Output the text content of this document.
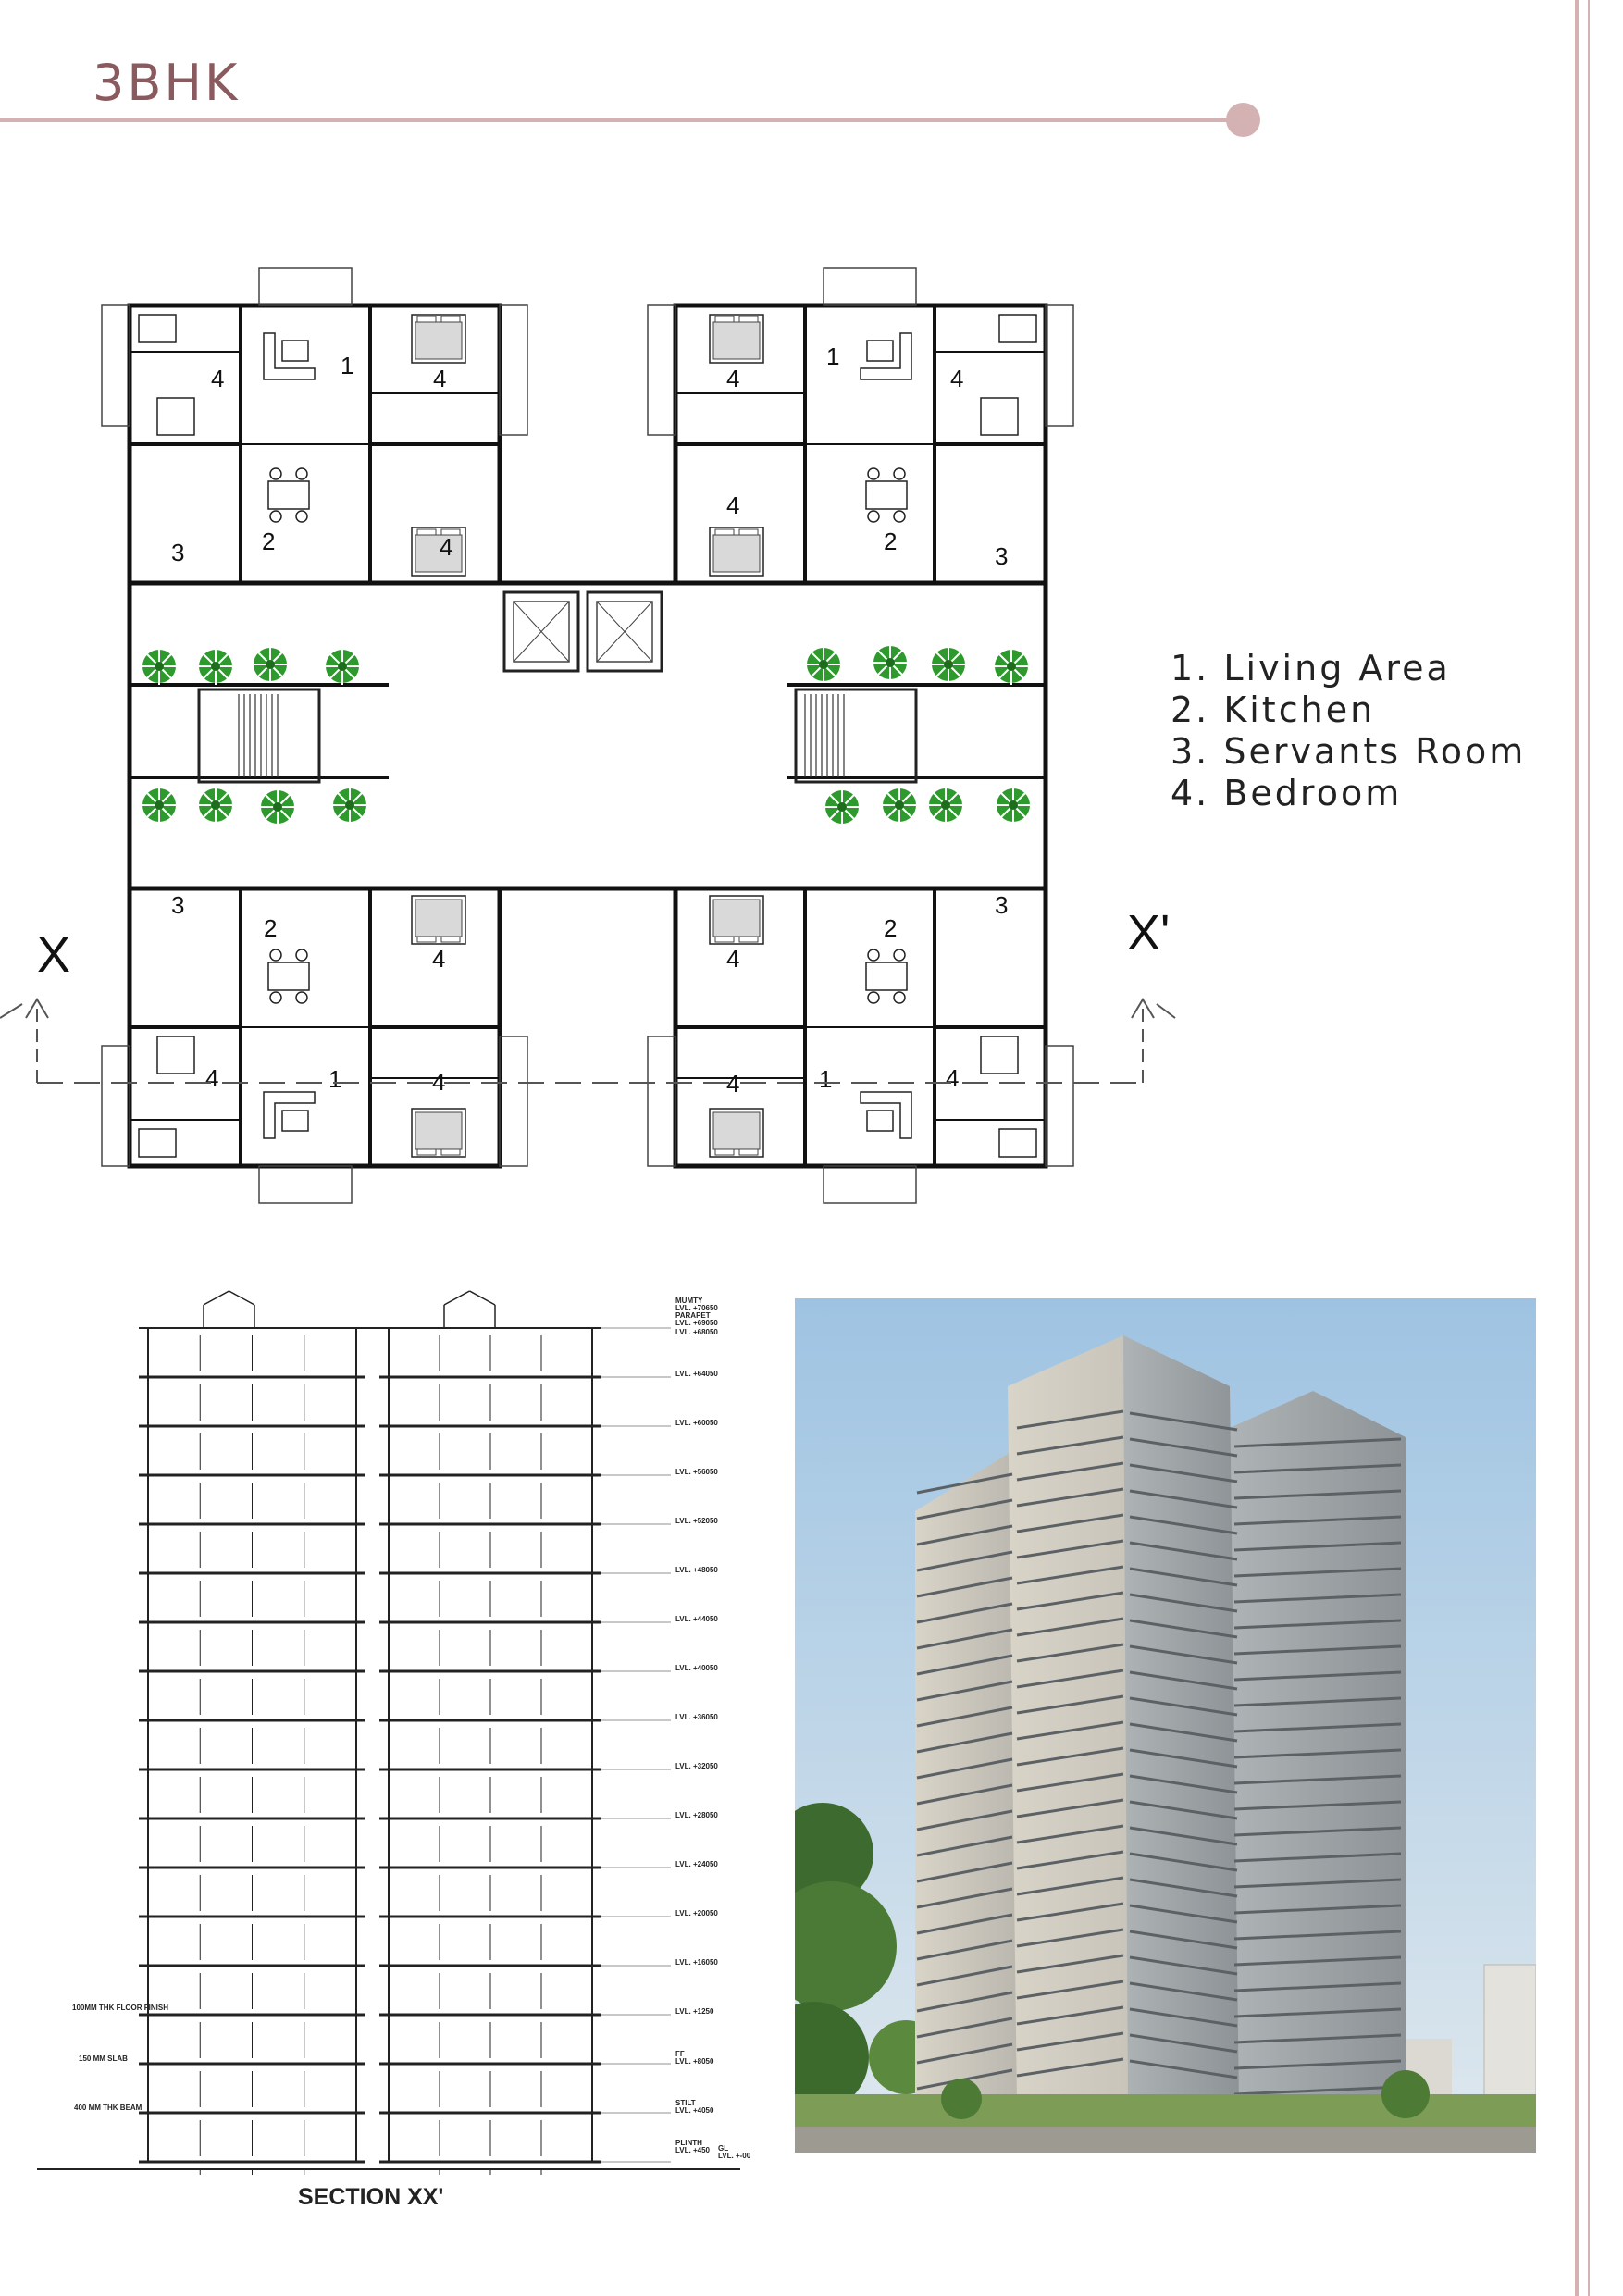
3BHK
1
2
3
4	4
4
1
2
3
4
4
4
1
2
3
4
4
4	1
2
3
4
4
4
X	X'
1. Living Area
2. Kitchen
3. Servants Room
4. Bedroom
MUMTY
LVL. +70650
PARAPET
LVL. +69050
LVL. +68050
LVL. +64050
LVL. +60050
LVL. +56050
LVL. +52050
LVL. +48050
LVL. +44050
LVL. +40050
LVL. +36050
LVL. +32050
LVL. +28050
LVL. +24050
LVL. +20050
LVL. +16050
LVL. +1250
FF
LVL. +8050
STILT
LVL. +4050
PLINTH
LVL. +450 GL
LVL. +-00
100MM THK FLOOR FINISH
150 MM SLAB
400 MM THK BEAM
SECTION XX'
